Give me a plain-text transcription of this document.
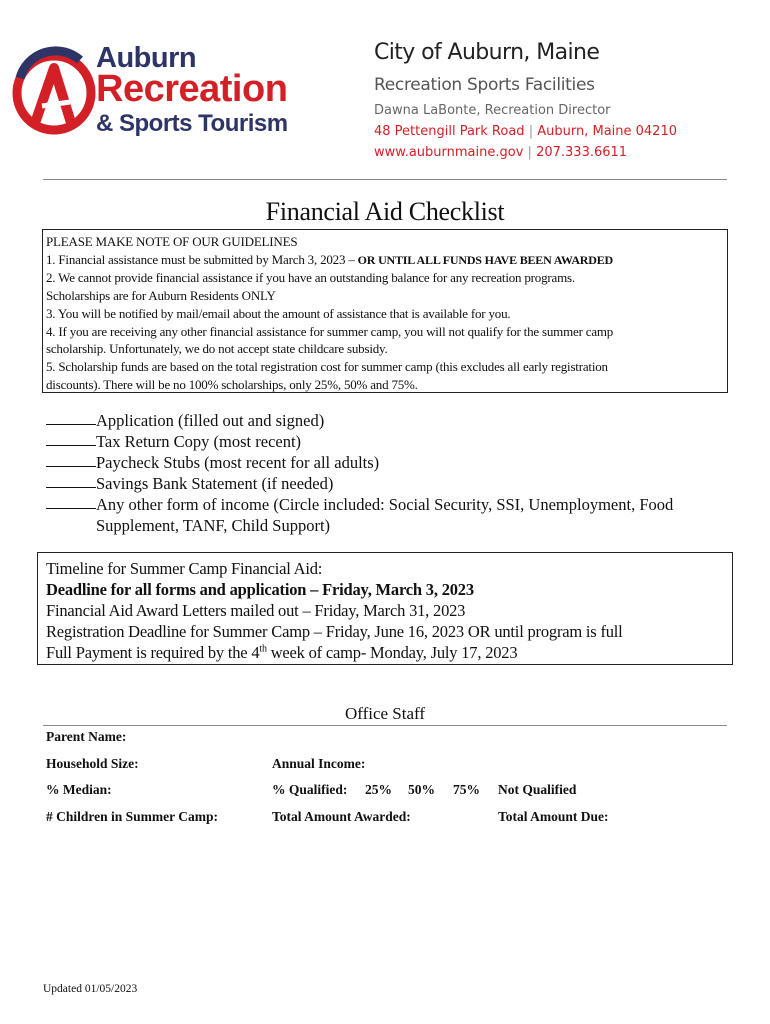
Auburn
Recreation
& Sports Tourism
City of Auburn, Maine
Recreation Sports Facilities
Dawna LaBonte, Recreation Director
48 Pettengill Park Road | Auburn, Maine 04210
www.auburnmaine.gov | 207.333.6611
Financial Aid Checklist
PLEASE MAKE NOTE OF OUR GUIDELINES
1. Financial assistance must be submitted by March 3, 2023 – OR UNTIL ALL FUNDS HAVE BEEN AWARDED
2. We cannot provide financial assistance if you have an outstanding balance for any recreation programs.
Scholarships are for Auburn Residents ONLY
3. You will be notified by mail/email about the amount of assistance that is available for you.
4. If you are receiving any other financial assistance for summer camp, you will not qualify for the summer camp
scholarship. Unfortunately, we do not accept state childcare subsidy.
5. Scholarship funds are based on the total registration cost for summer camp (this excludes all early registration
discounts). There will be no 100% scholarships, only 25%, 50% and 75%.
Application (filled out and signed)
Tax Return Copy (most recent)
Paycheck Stubs (most recent for all adults)
Savings Bank Statement (if needed)
Any other form of income (Circle included: Social Security, SSI, Unemployment, Food
Supplement, TANF, Child Support)
Timeline for Summer Camp Financial Aid:
Deadline for all forms and application – Friday, March 3, 2023
Financial Aid Award Letters mailed out – Friday, March 31, 2023
Registration Deadline for Summer Camp – Friday, June 16, 2023 OR until program is full
Full Payment is required by the 4th week of camp- Monday, July 17, 2023
Office Staff
Parent Name:
Household Size:	Annual Income:
% Median:	% Qualified: 25% 50% 75% Not Qualified
# Children in Summer Camp:	Total Amount Awarded:	Total Amount Due:
Updated 01/05/2023
